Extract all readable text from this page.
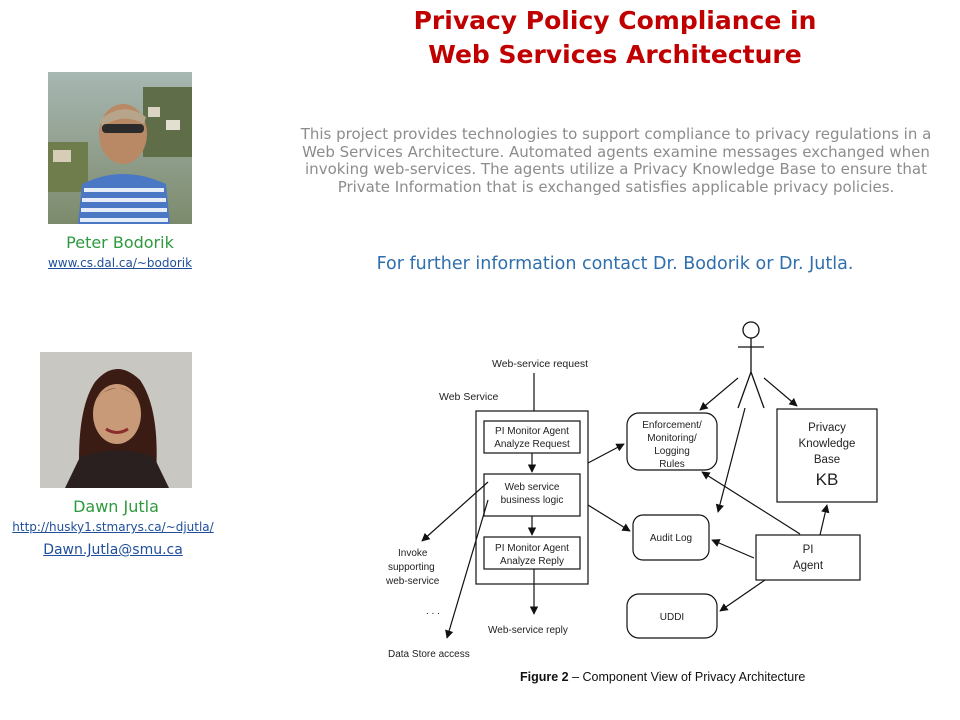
Privacy Policy Compliance in
Web Services Architecture
This project provides technologies to support compliance to privacy regulations in a Web Services Architecture. Automated agents examine messages exchanged when invoking web-services. The agents utilize a Privacy Knowledge Base to ensure that Private Information that is exchanged satisfies applicable privacy policies.
For further information contact Dr. Bodorik or Dr. Jutla.
Peter Bodorik
www.cs.dal.ca/~bodorik
Dawn Jutla
http://husky1.stmarys.ca/~djutla/
Dawn.Jutla@smu.ca
Web-service request
Web Service
PI Monitor Agent
Analyze Request
Web service
business logic
PI Monitor Agent
Analyze Reply
Invoke
supporting
web-service
. . .
Data Store access
Web-service reply
Enforcement/
Monitoring/
Logging
Rules
Audit Log
UDDI
Privacy
Knowledge
Base
KB
PI
Agent
Figure 2 – Component View of Privacy Architecture
